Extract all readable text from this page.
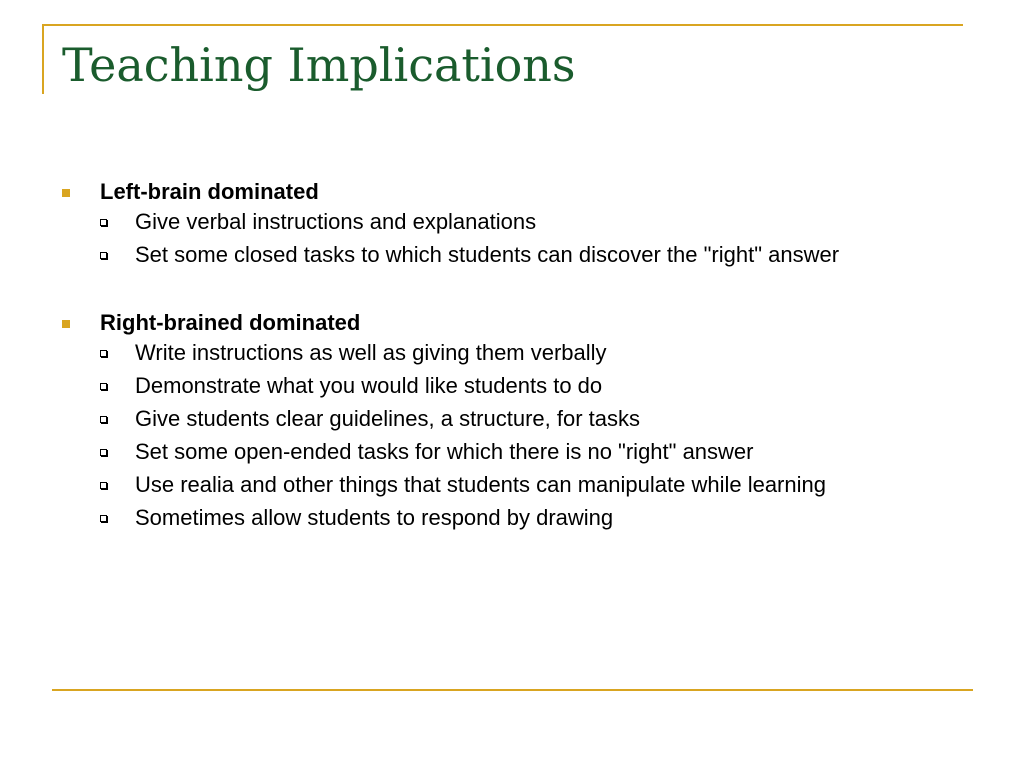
Teaching Implications
Left-brain dominated
Give verbal instructions and explanations
Set some closed tasks to which students can discover the "right" answer
Right-brained dominated
Write instructions as well as giving them verbally
Demonstrate what you would like students to do
Give students clear guidelines, a structure, for tasks
Set some open-ended tasks for which there is no "right" answer
Use realia and other things that students can manipulate while learning
Sometimes allow students to respond by drawing
